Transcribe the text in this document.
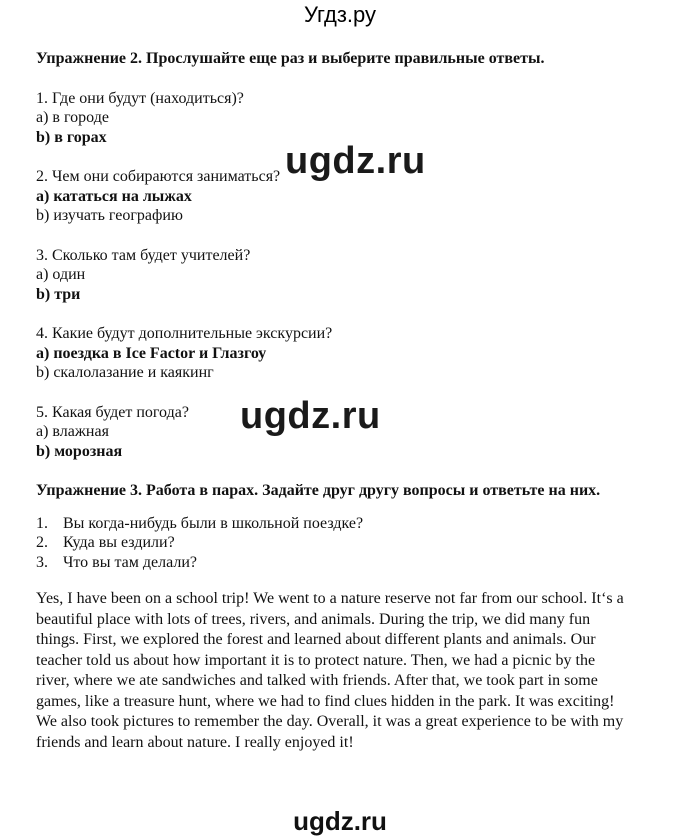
Угдз.ру

Упражнение 2. Прослушайте еще раз и выберите правильные ответы.

1. Где они будут (находиться)?
а) в городе
b) в горах
2. Чем они собираются заниматься?
а) кататься на лыжах
b) изучать географию
3. Сколько там будет учителей?
а) один
b) три
4. Какие будут дополнительные экскурсии?
а) поездка в Ice Factor и Глазгоу
b) скалолазание и каякинг
5. Какая будет погода?
а) влажная
b) морозная

Упражнение 3. Работа в парах. Задайте друг другу вопросы и ответьте на них.

1. Вы когда-нибудь были в школьной поездке?
2. Куда вы ездили?
3. Что вы там делали?

Yes, I have been on a school trip! We went to a nature reserve not far from our school. It‘s a beautiful place with lots of trees, rivers, and animals. During the trip, we did many fun things. First, we explored the forest and learned about different plants and animals. Our teacher told us about how important it is to protect nature. Then, we had a picnic by the river, where we ate sandwiches and talked with friends. After that, we took part in some games, like a treasure hunt, where we had to find clues hidden in the park. It was exciting! We also took pictures to remember the day. Overall, it was a great experience to be with my friends and learn about nature. I really enjoyed it!

ugdz.ru
ugdz.ru
ugdz.ru
